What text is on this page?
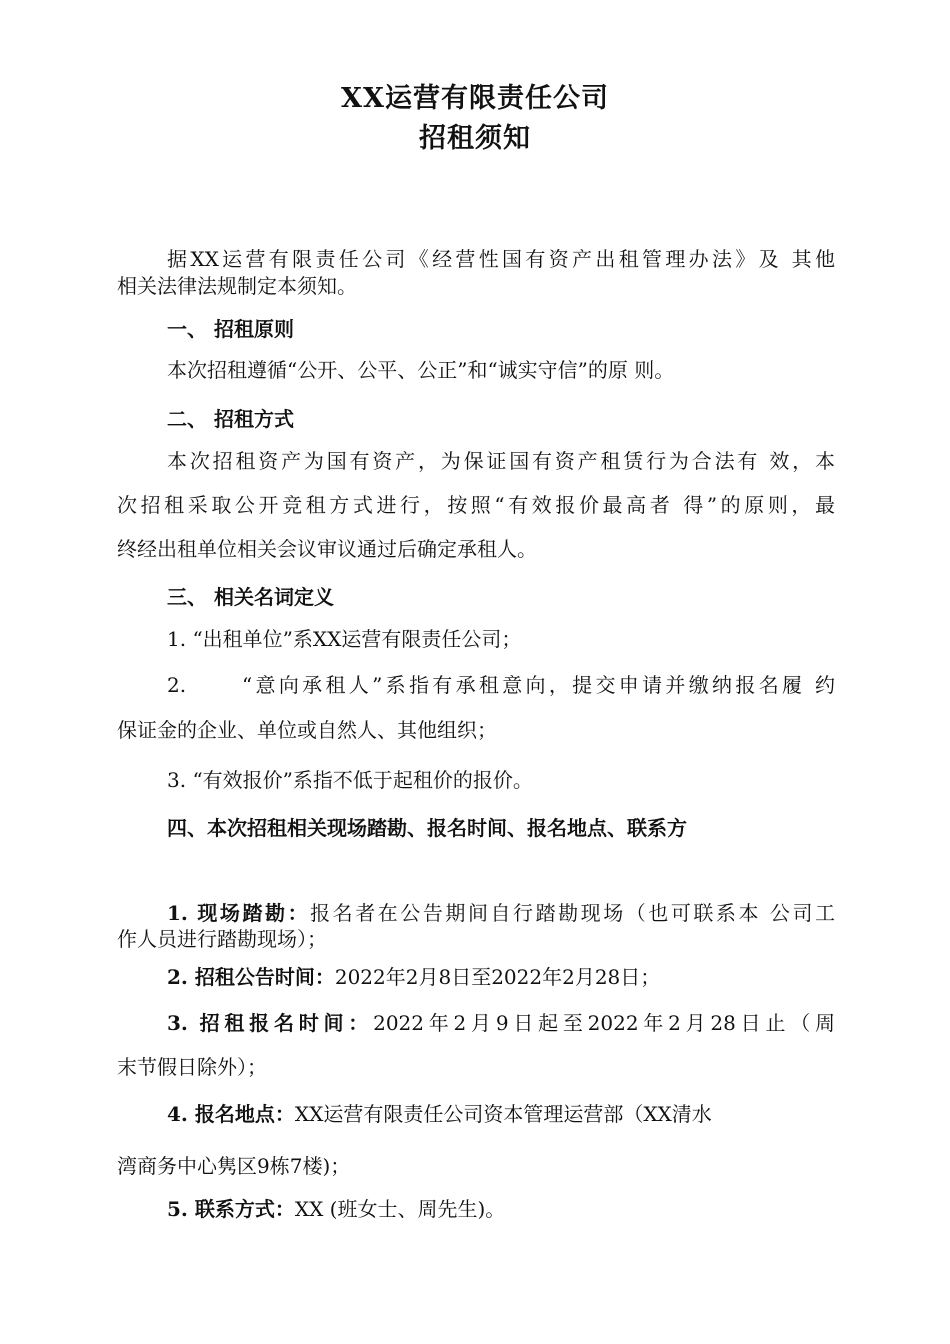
XX运营有限责任公司
招租须知
据XX运营有限责任公司《经营性国有资产出租管理办法》及 其他
相关法律法规制定本须知。
一、 招租原则
本次招租遵循“公开、公平、公正”和“诚实守信”的原 则。
二、 招租方式
本次招租资产为国有资产，为保证国有资产租赁行为合法有 效，本
次招租采取公开竞租方式进行，按照“有效报价最高者 得”的原则，最
终经出租单位相关会议审议通过后确定承租人。
三、 相关名词定义
1. “出租单位”系XX运营有限责任公司；
2.	“意向承租人”系指有承租意向，提交申请并缴纳报名履 约
保证金的企业、单位或自然人、其他组织；
3. “有效报价”系指不低于起租价的报价。
四、本次招租相关现场踏勘、报名时间、报名地点、联系方
1. 现场踏勘：报名者在公告期间自行踏勘现场（也可联系本 公司工
作人员进行踏勘现场）；
2. 招租公告时间：2022年2月8日至2022年2月28日；
3. 招租报名时间：2022年2月9日起至2022年2月28日止（周
末节假日除外）；
4. 报名地点：XX运营有限责任公司资本管理运营部（XX清水
湾商务中心隽区9栋7楼)；
5. 联系方式：XX (班女士、周先生)。
